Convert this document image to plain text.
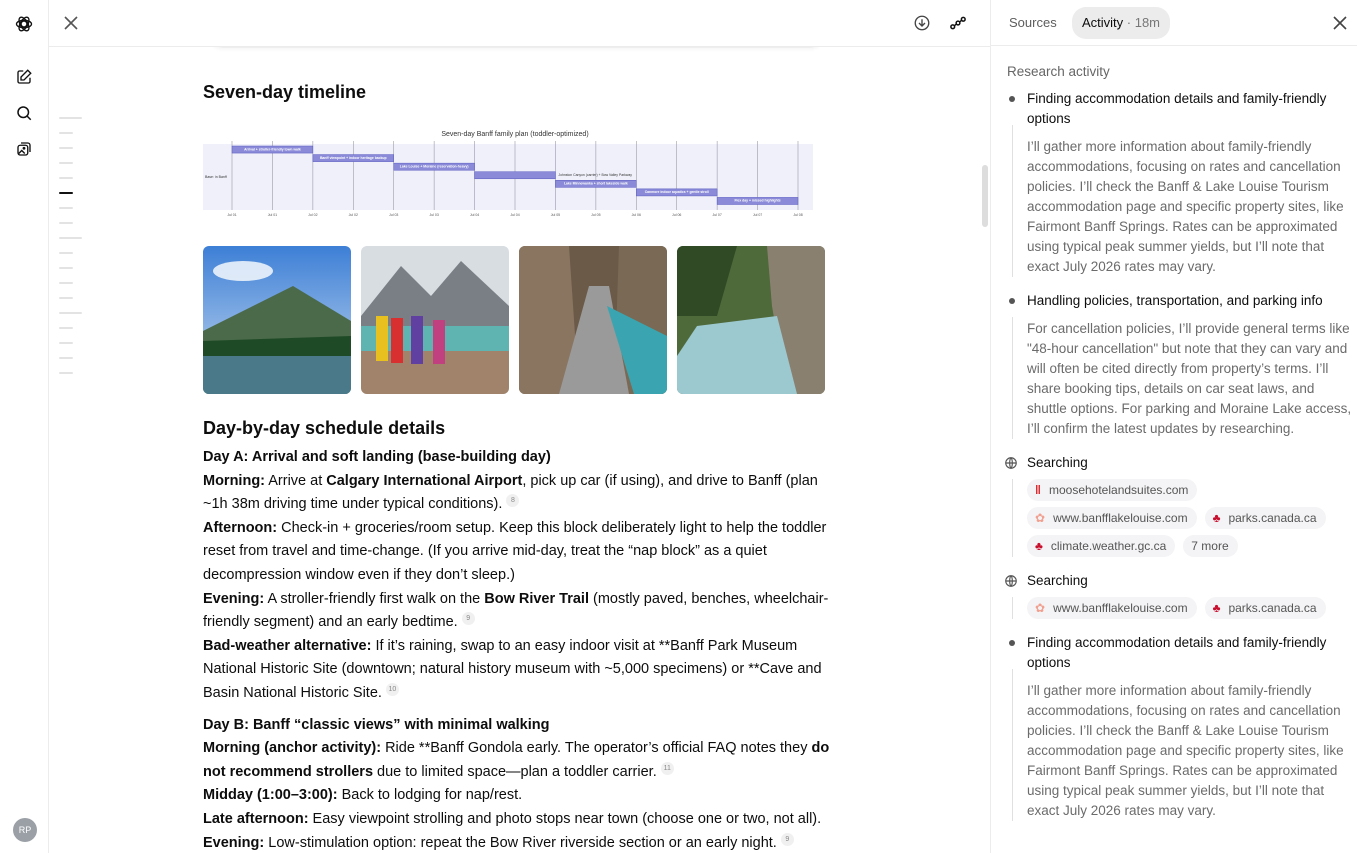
RP
Seven-day timeline
Seven-day Banff family plan (toddler-optimized)
Jul 01	Jul 01	Jul 02	Jul 02	Jul 03	Jul 03	Jul 04	Jul 04	Jul 05	Jul 05	Jul 06	Jul 06	Jul 07	Jul 07	Jul 08
Base: in Banff
Arrival + stroller-friendly town walk
Banff viewpoint + indoor heritage backup
Lake Louise + Moraine (reservation-heavy)
Johnston Canyon (carrier) + Bow Valley Parkway
Lake Minnewanka + short lakeside walk
Canmore indoor aquatics + gentle stroll
Flex day + missed highlights
Day-by-day schedule details
Day A: Arrival and soft landing (base-building day)
Morning: Arrive at Calgary International Airport, pick up car (if using), and drive to Banff (plan ~1h 38m driving time under typical conditions). 8
Afternoon: Check-in + groceries/room setup. Keep this block deliberately light to help the toddler reset from travel and time-change. (If you arrive mid-day, treat the “nap block” as a quiet decompression window even if they don’t sleep.)
Evening: A stroller-friendly first walk on the Bow River Trail (mostly paved, benches, wheelchair-friendly segment) and an early bedtime. 9
Bad-weather alternative: If it’s raining, swap to an easy indoor visit at **Banff Park Museum National Historic Site (downtown; natural history museum with ~5,000 specimens) or **Cave and Basin National Historic Site. 10
Day B: Banff “classic views” with minimal walking
Morning (anchor activity): Ride **Banff Gondola early. The operator’s official FAQ notes they do not recommend strollers due to limited space—plan a toddler carrier. 11
Midday (1:00–3:00): Back to lodging for nap/rest.
Late afternoon: Easy viewpoint strolling and photo stops near town (choose one or two, not all).
Evening: Low-stimulation option: repeat the Bow River riverside section or an early night. 9
Sources	Activity · 18m
Research activity
Finding accommodation details and family-friendly options
I’ll gather more information about family-friendly accommodations, focusing on rates and cancellation policies. I’ll check the Banff & Lake Louise Tourism accommodation page and specific property sites, like Fairmont Banff Springs. Rates can be approximated using typical peak summer yields, but I’ll note that exact July 2026 rates may vary.
Handling policies, transportation, and parking info
For cancellation policies, I’ll provide general terms like "48-hour cancellation" but note that they can vary and will often be cited directly from property’s terms. I’ll share booking tips, details on car seat laws, and shuttle options. For parking and Moraine Lake access, I’ll confirm the latest updates by researching.
Searching
‖ moosehotelandsuites.com
✿ www.banfflakelouise.com ♣ parks.canada.ca
♣ climate.weather.gc.ca	7 more
Searching
✿ www.banfflakelouise.com ♣ parks.canada.ca
Finding accommodation details and family-friendly options
I’ll gather more information about family-friendly accommodations, focusing on rates and cancellation policies. I’ll check the Banff & Lake Louise Tourism accommodation page and specific property sites, like Fairmont Banff Springs. Rates can be approximated using typical peak summer yields, but I’ll note that exact July 2026 rates may vary.
